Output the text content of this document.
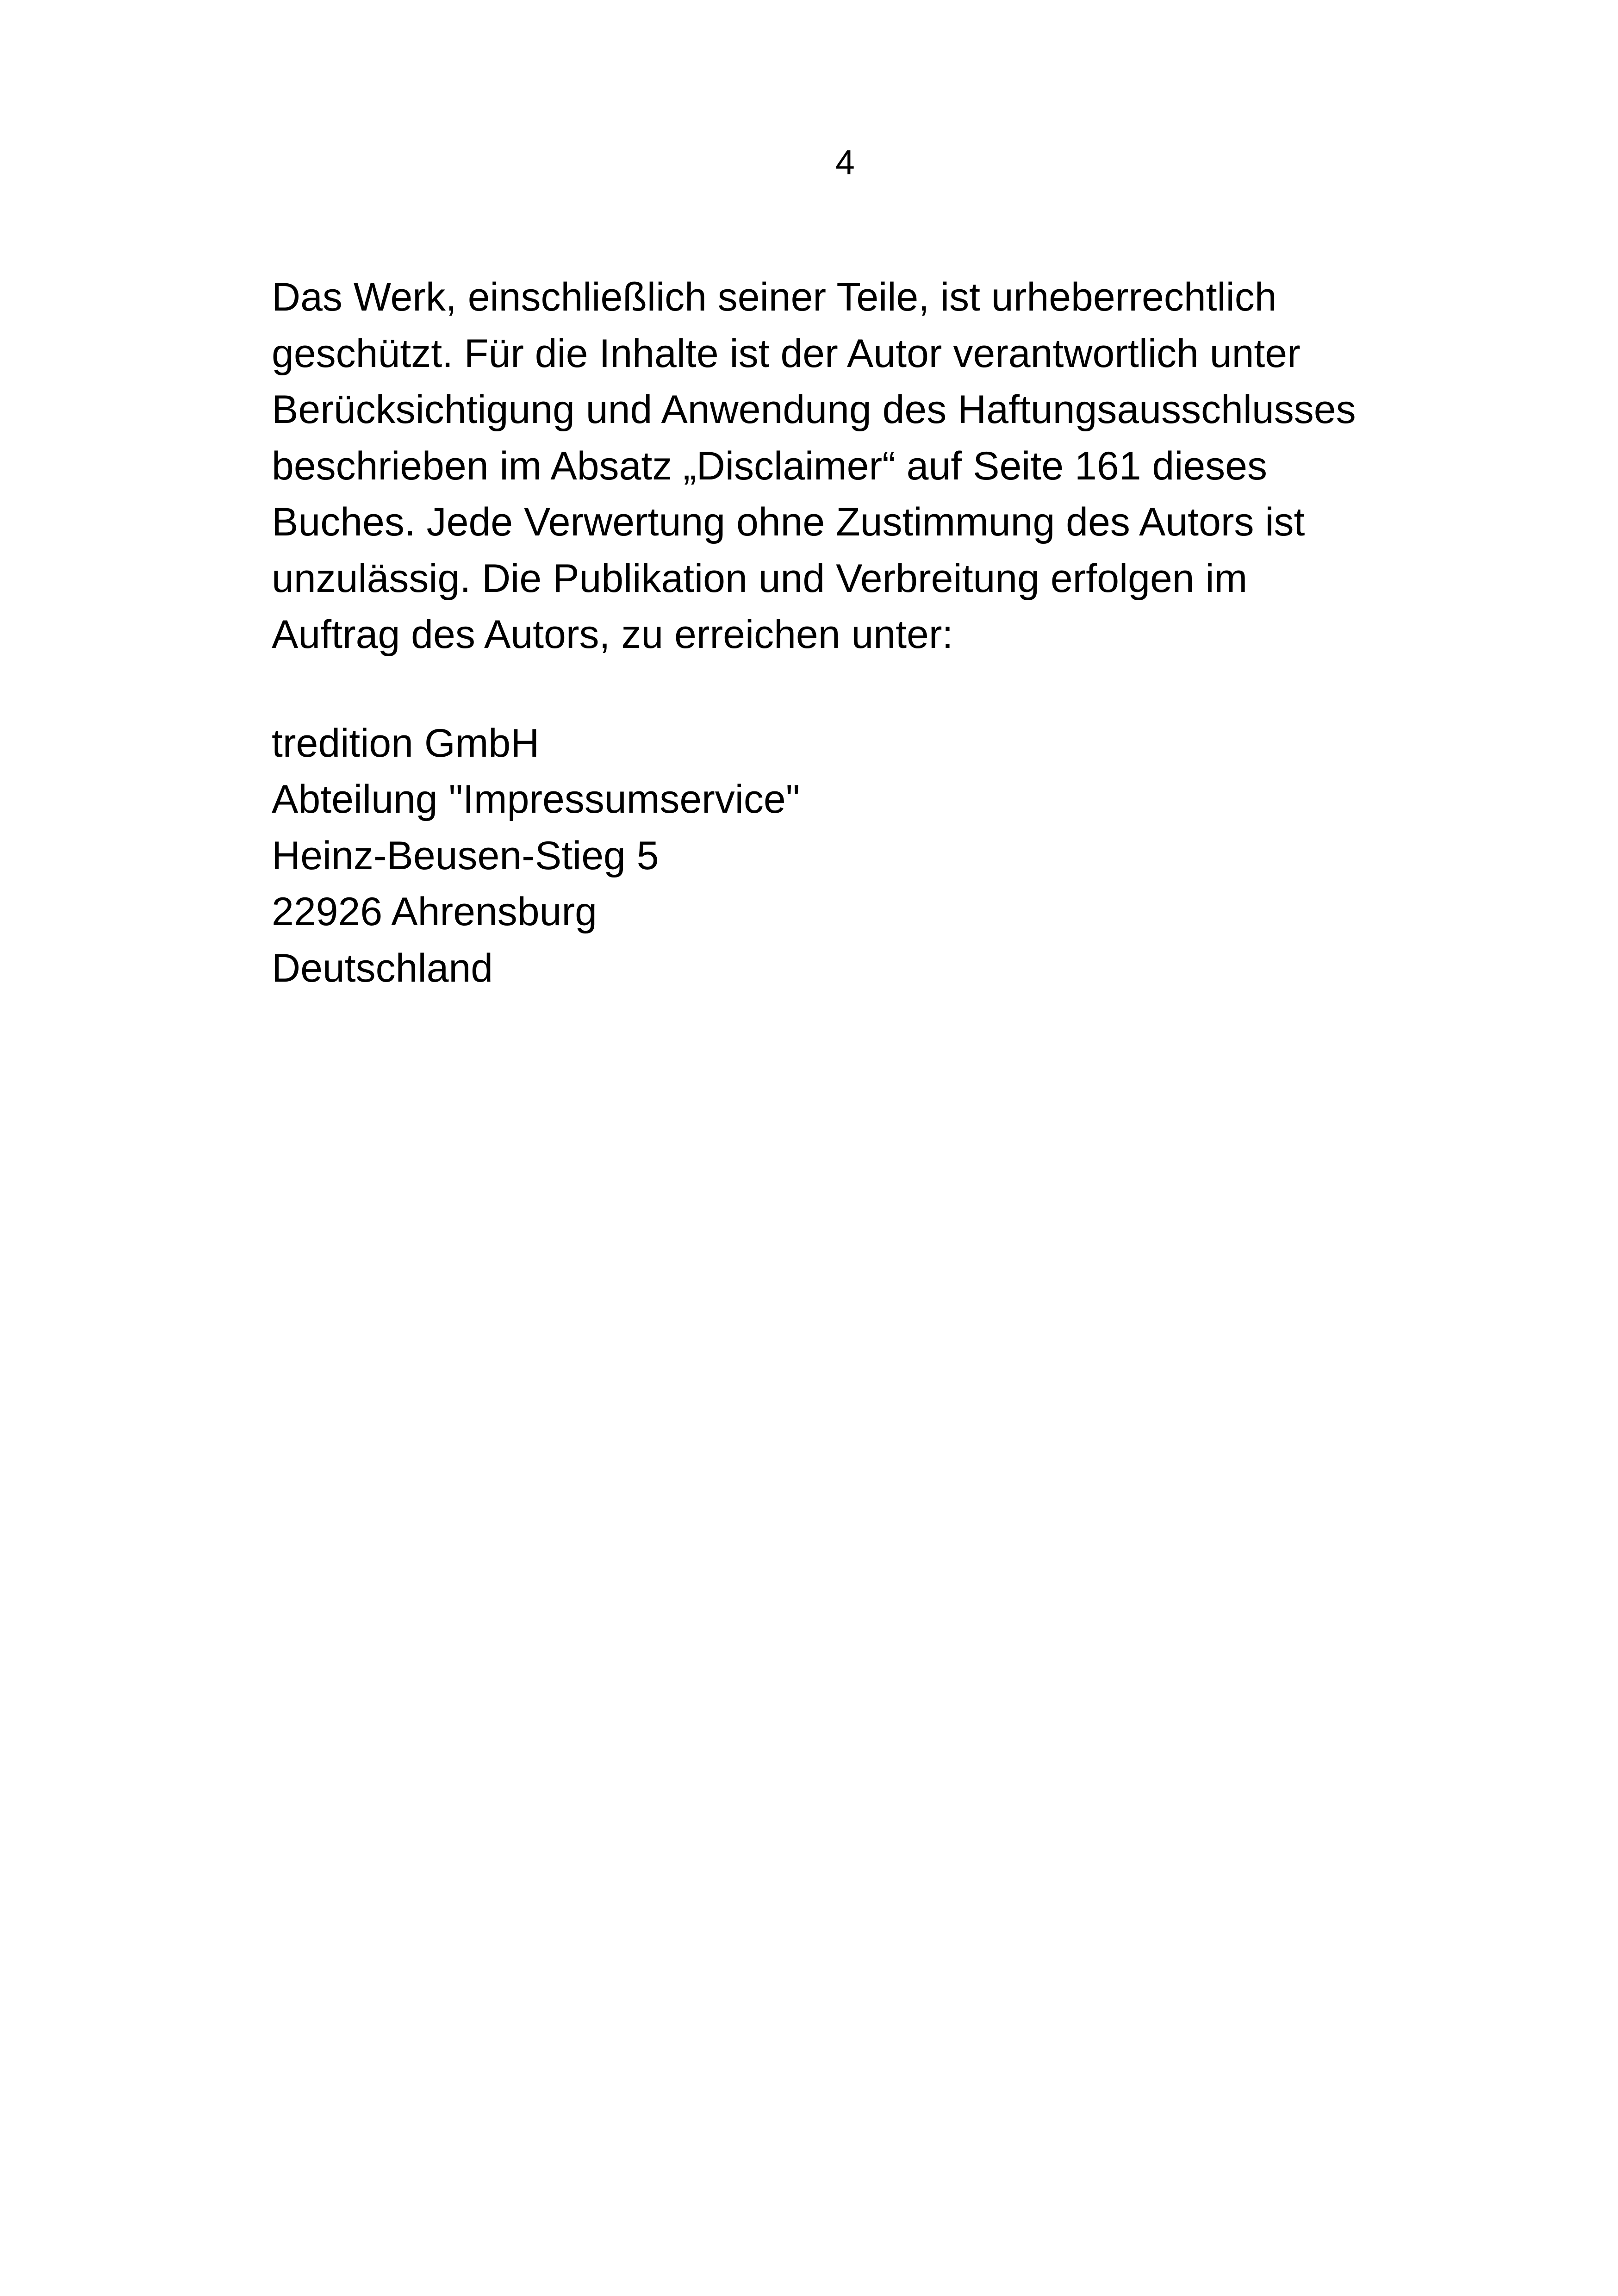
4

Das Werk, einschließlich seiner Teile, ist urheberrechtlich

geschützt. Für die Inhalte ist der Autor verantwortlich unter

Berücksichtigung und Anwendung des Haftungsausschlusses

beschrieben im Absatz „Disclaimer“ auf Seite 161 dieses

Buches. Jede Verwertung ohne Zustimmung des Autors ist

unzulässig. Die Publikation und Verbreitung erfolgen im

Auftrag des Autors, zu erreichen unter:

tredition GmbH

Abteilung "Impressumservice"

Heinz-Beusen-Stieg 5

22926 Ahrensburg

Deutschland
